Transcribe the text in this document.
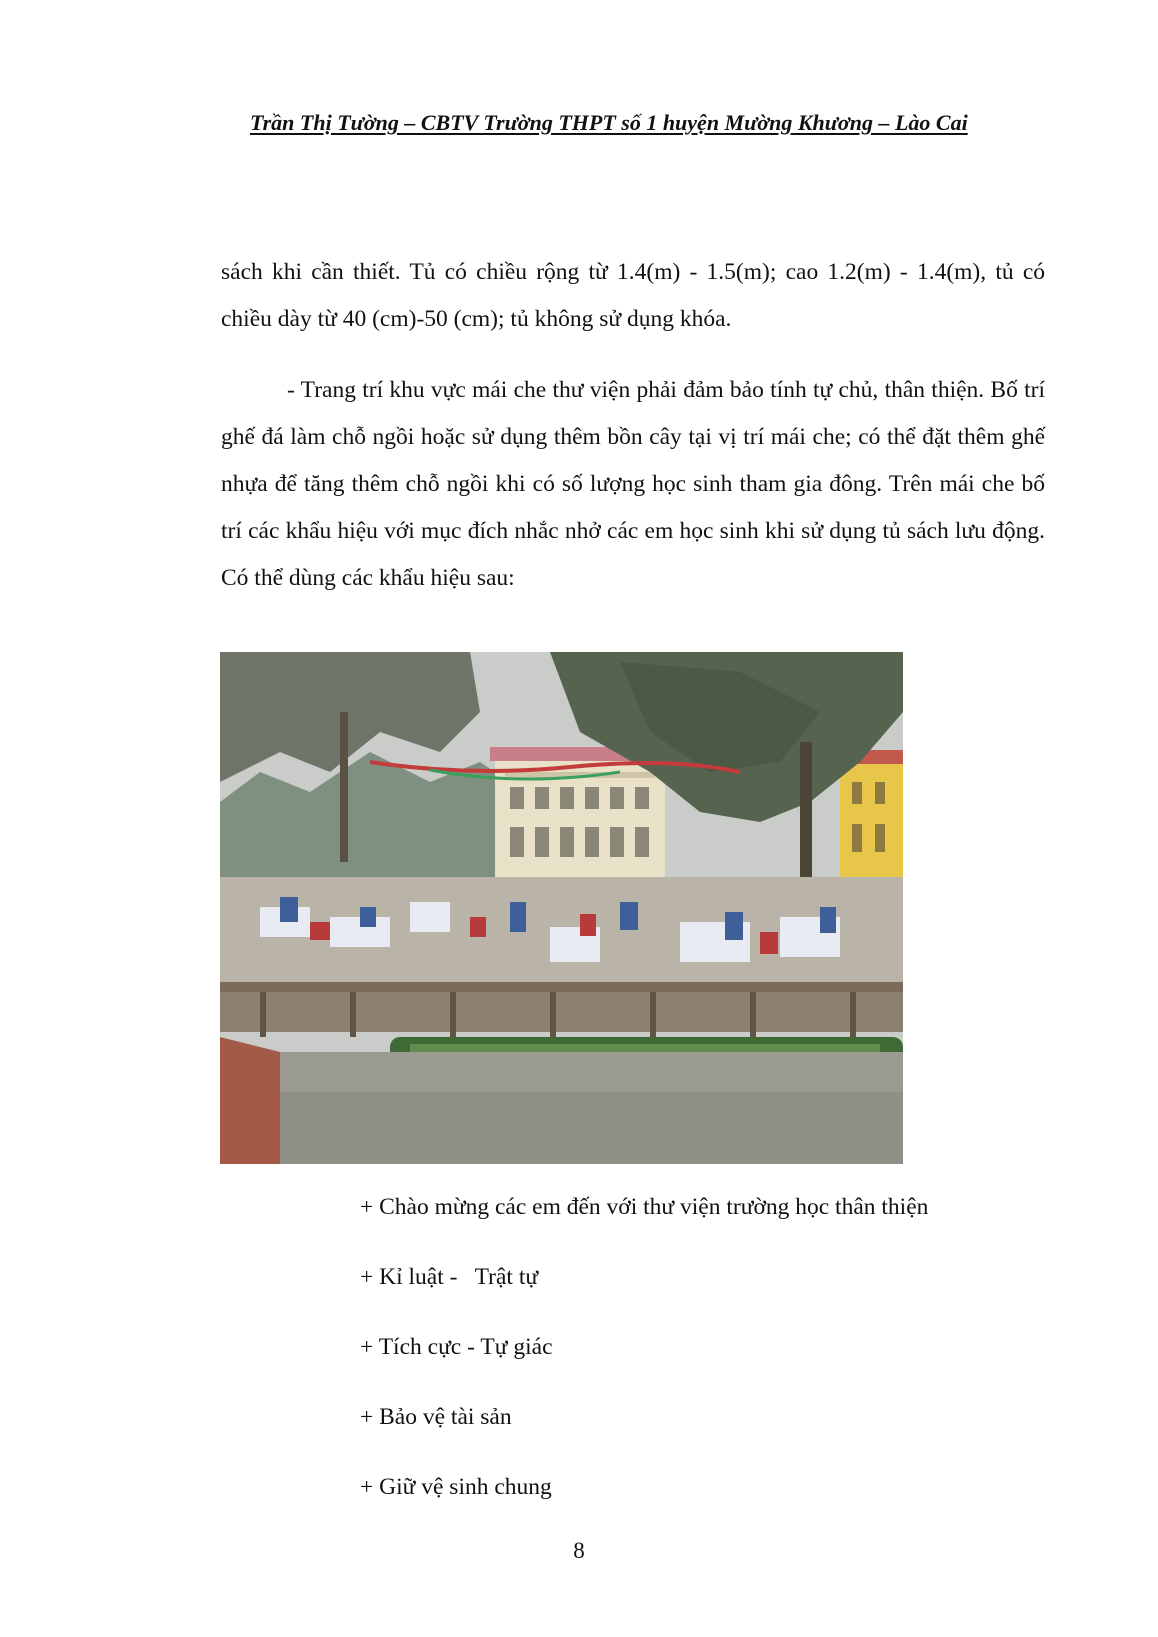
Trần Thị Tường – CBTV Trường THPT số 1 huyện Mường Khương – Lào Cai

sách khi cần thiết. Tủ có chiều rộng từ 1.4(m) - 1.5(m); cao 1.2(m) - 1.4(m), tủ có chiều dày từ 40 (cm)-50 (cm); tủ không sử dụng khóa.

- Trang trí khu vực mái che thư viện phải đảm bảo tính tự chủ, thân thiện. Bố trí ghế đá làm chỗ ngồi hoặc sử dụng thêm bồn cây tại vị trí mái che; có thể đặt thêm ghế nhựa để tăng thêm chỗ ngồi khi có số lượng học sinh tham gia đông. Trên mái che bố trí các khẩu hiệu với mục đích nhắc nhở các em học sinh khi sử dụng tủ sách lưu động. Có thể dùng các khẩu hiệu sau:

+ Chào mừng các em đến với thư viện trường học thân thiện
+ Kỉ luật -   Trật tự
+ Tích cực - Tự giác
+ Bảo vệ tài sản
+ Giữ vệ sinh chung
8
